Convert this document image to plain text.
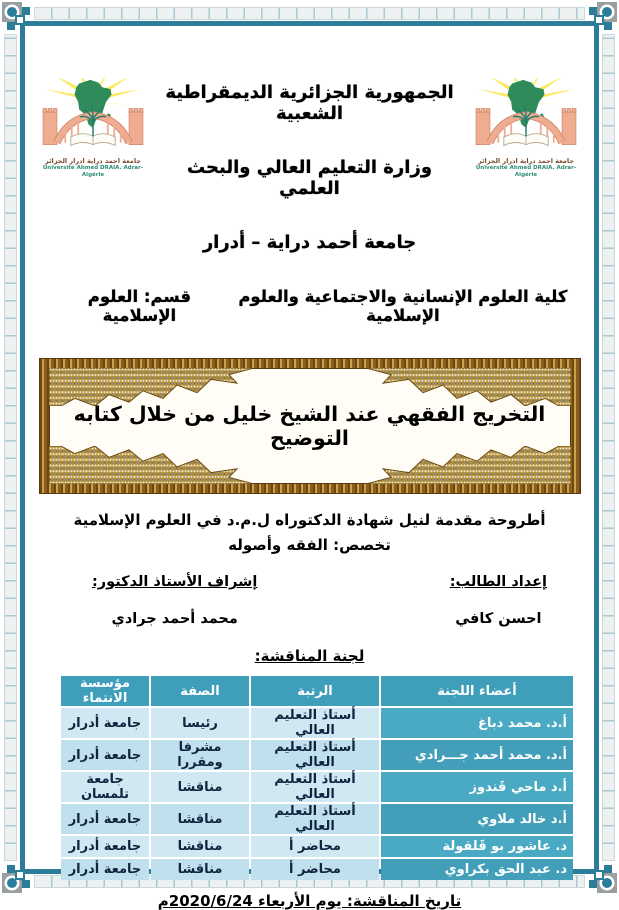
جامعة احمد دراية ادرار الجزائر
Université Ahmed DRAIA. Adrar-Algérie
الجمهورية الجزائرية الديمقراطية الشعبية
وزارة التعليم العالي والبحث العلمي
جامعة أحمد دراية – أدرار
جامعة احمد دراية ادرار الجزائر
Université Ahmed DRAIA. Adrar-Algérie
كلية العلوم الإنسانية والاجتماعية والعلوم الإسلامية
قسم: العلوم الإسلامية
التخريج الفقهي عند الشيخ خليل من خلال كتابه التوضيح
أطروحة مقدمة لنيل شهادة الدكتوراه ل.م.د في العلوم الإسلامية
تخصص: الفقه وأصوله
إعداد الطالب:
احسن كافي
إشراف الأستاذ الدكتور:
محمد أحمد جرادي
لجنة المناقشة:
أعضاء اللجنة	الرتبة	الصفة	مؤسسة الانتماء
أ.د. محمد دباغ	أستاذ التعليم العالي	رئيسا	جامعة أدرار
أ.د. محمد أحمد جـــرادي	أستاذ التعليم العالي	مشرفا ومقررا	جامعة أدرار
أ.د ماحي قَندوز	أستاذ التعليم العالي	مناقشا	جامعة تلمسان
أ.د خالد ملاوي	أستاذ التعليم العالي	مناقشا	جامعة أدرار
د. عاشور بو قَلقولة	محاضر أ	مناقشا	جامعة أدرار
د. عبد الحق بكراوي	محاضر أ	مناقشا	جامعة أدرار
تاريخ المناقشة: يوم الأربعاء 2020/6/24م
